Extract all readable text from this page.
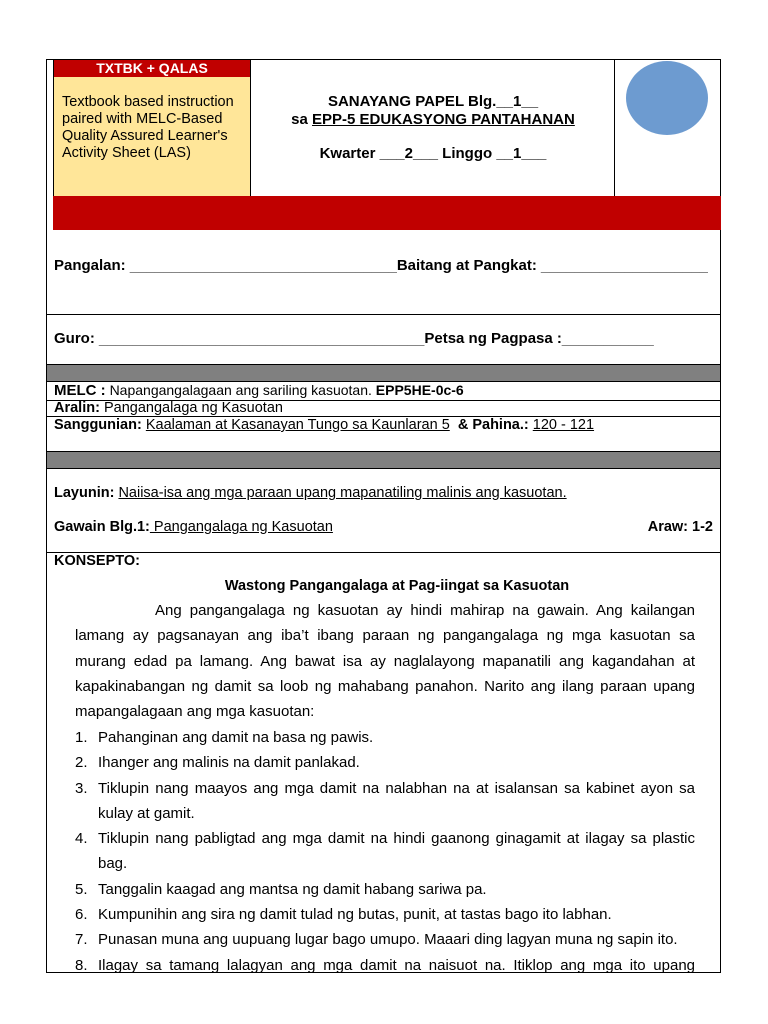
TXTBK + QALAS
Textbook based instruction paired with MELC-Based Quality Assured Learner's Activity Sheet (LAS)
SANAYANG PAPEL Blg.__1__
sa EPP-5 EDUKASYONG PANTAHANAN
Kwarter ___2___ Linggo __1___
Pangalan: ________________________________Baitang at Pangkat: ____________________
Guro: _______________________________________Petsa ng Pagpasa :___________
MELC : Napangangalagaan ang sariling kasuotan. EPP5HE-0c-6
Aralin: Pangangalaga ng Kasuotan
Sanggunian: Kaalaman at Kasanayan Tungo sa Kaunlaran 5 & Pahina.: 120 - 121
Layunin: Naiisa-isa ang mga paraan upang mapanatiling malinis ang kasuotan.
Gawain Blg.1: Pangangalaga ng Kasuotan	Araw: 1-2
KONSEPTO:
Wastong Pangangalaga at Pag-iingat sa Kasuotan
Ang pangangalaga ng kasuotan ay hindi mahirap na gawain. Ang kailangan lamang ay pagsanayan ang iba’t ibang paraan ng pangangalaga ng mga kasuotan sa murang edad pa lamang. Ang bawat isa ay naglalayong mapanatili ang kagandahan at kapakinabangan ng damit sa loob ng mahabang panahon. Narito ang ilang paraan upang mapangalagaan ang mga kasuotan:
1. Pahanginan ang damit na basa ng pawis.
2. Ihanger ang malinis na damit panlakad.
3. Tiklupin nang maayos ang mga damit na nalabhan na at isalansan sa kabinet ayon sa kulay at gamit.
4. Tiklupin nang pabligtad ang mga damit na hindi gaanong ginagamit at ilagay sa plastic bag.
5. Tanggalin kaagad ang mantsa ng damit habang sariwa pa.
6. Kumpunihin ang sira ng damit tulad ng butas, punit, at tastas bago ito labhan.
7. Punasan muna ang uupuang lugar bago umupo. Maaari ding lagyan muna ng sapin ito.
8. Ilagay sa tamang lalagyan ang mga damit na naisuot na. Itiklop ang mga ito upang
